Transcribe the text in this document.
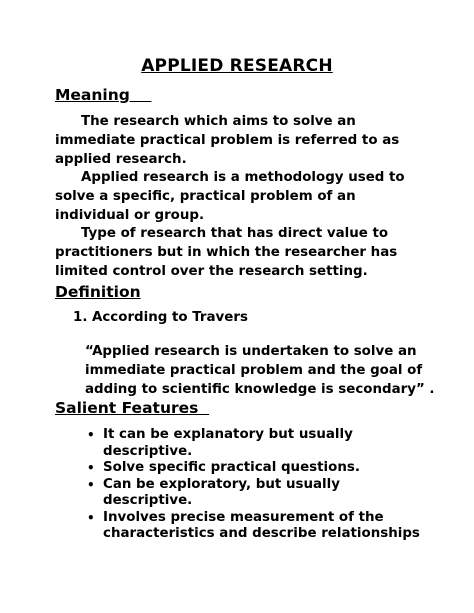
APPLIED RESEARCH
Meaning

The research which aims to solve an immediate practical problem is referred to as applied research.

Applied research is a methodology used to solve a specific, practical problem of an individual or group.

Type of research that has direct value to practitioners but in which the researcher has limited control over the research setting.

Definition
1. According to Travers

“Applied research is undertaken to solve an immediate practical problem and the goal of adding to scientific knowledge is secondary” .

Salient Features
• It can be explanatory but usually descriptive.
• Solve specific practical questions.
• Can be exploratory, but usually descriptive.
• Involves precise measurement of the characteristics and describe relationships
